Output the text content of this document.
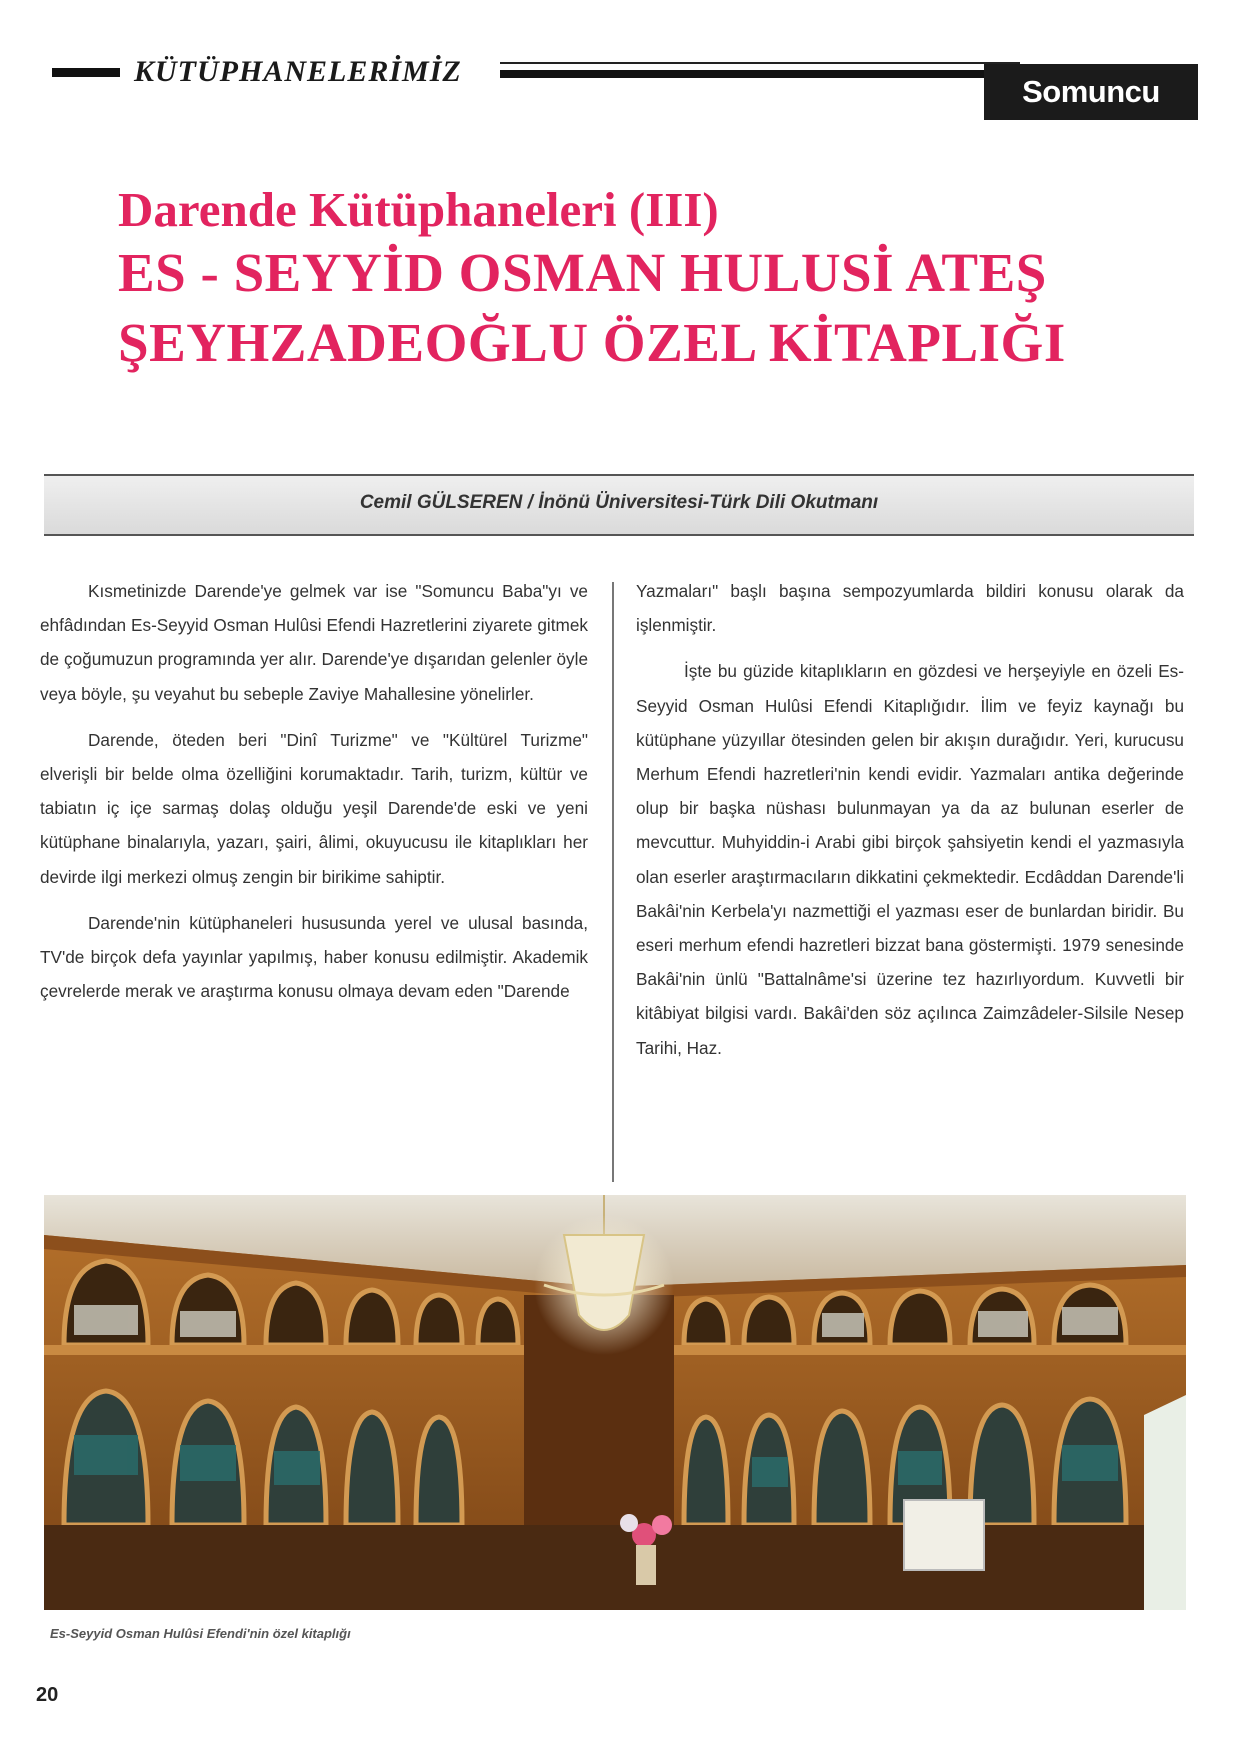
KÜTÜPHANELERİMİZ
Somuncu Baba
Darende Kütüphaneleri (III)
ES - SEYYİD OSMAN HULUSİ ATEŞ
ŞEYHZADEOĞLU ÖZEL KİTAPLIĞI
Cemil GÜLSEREN / İnönü Üniversitesi-Türk Dili Okutmanı

Kısmetinizde Darende'ye gelmek var ise "Somuncu Baba"yı ve ehfâdından Es-Seyyid Osman Hulûsi Efendi Hazretlerini ziyarete gitmek de çoğumuzun programında yer alır. Darende'ye dışarıdan gelenler öyle veya böyle, şu veyahut bu sebeple Zaviye Mahallesine yönelirler.

Darende, öteden beri "Dinî Turizme" ve "Kültürel Turizme" elverişli bir belde olma özelliğini korumaktadır. Tarih, turizm, kültür ve tabiatın iç içe sarmaş dolaş olduğu yeşil Darende'de eski ve yeni kütüphane binalarıyla, yazarı, şairi, âlimi, okuyucusu ile kitaplıkları her devirde ilgi merkezi olmuş zengin bir birikime sahiptir.

Darende'nin kütüphaneleri hususunda yerel ve ulusal basında, TV'de birçok defa yayınlar yapılmış, haber konusu edilmiştir. Akademik çevrelerde merak ve araştırma konusu olmaya devam eden "Darende

Yazmaları" başlı başına sempozyumlarda bildiri konusu olarak da işlenmiştir.

İşte bu güzide kitaplıkların en gözdesi ve herşeyiyle en özeli Es-Seyyid Osman Hulûsi Efendi Kitaplığıdır. İlim ve feyiz kaynağı bu kütüphane yüzyıllar ötesinden gelen bir akışın durağıdır. Yeri, kurucusu Merhum Efendi hazretleri'nin kendi evidir. Yazmaları antika değerinde olup bir başka nüshası bulunmayan ya da az bulunan eserler de mevcuttur. Muhyiddin-i Arabi gibi birçok şahsiyetin kendi el yazmasıyla olan eserler araştırmacıların dikkatini çekmektedir. Ecdâddan Darende'li Bakâi'nin Kerbela'yı nazmettiği el yazması eser de bunlardan biridir. Bu eseri merhum efendi hazretleri bizzat bana göstermişti. 1979 senesinde Bakâi'nin ünlü "Battalnâme'si üzerine tez hazırlıyordum. Kuvvetli bir kitâbiyat bilgisi vardı. Bakâi'den söz açılınca Zaimzâdeler-Silsile Nesep Tarihi, Haz.

Es-Seyyid Osman Hulûsi Efendi'nin özel kitaplığı
20
